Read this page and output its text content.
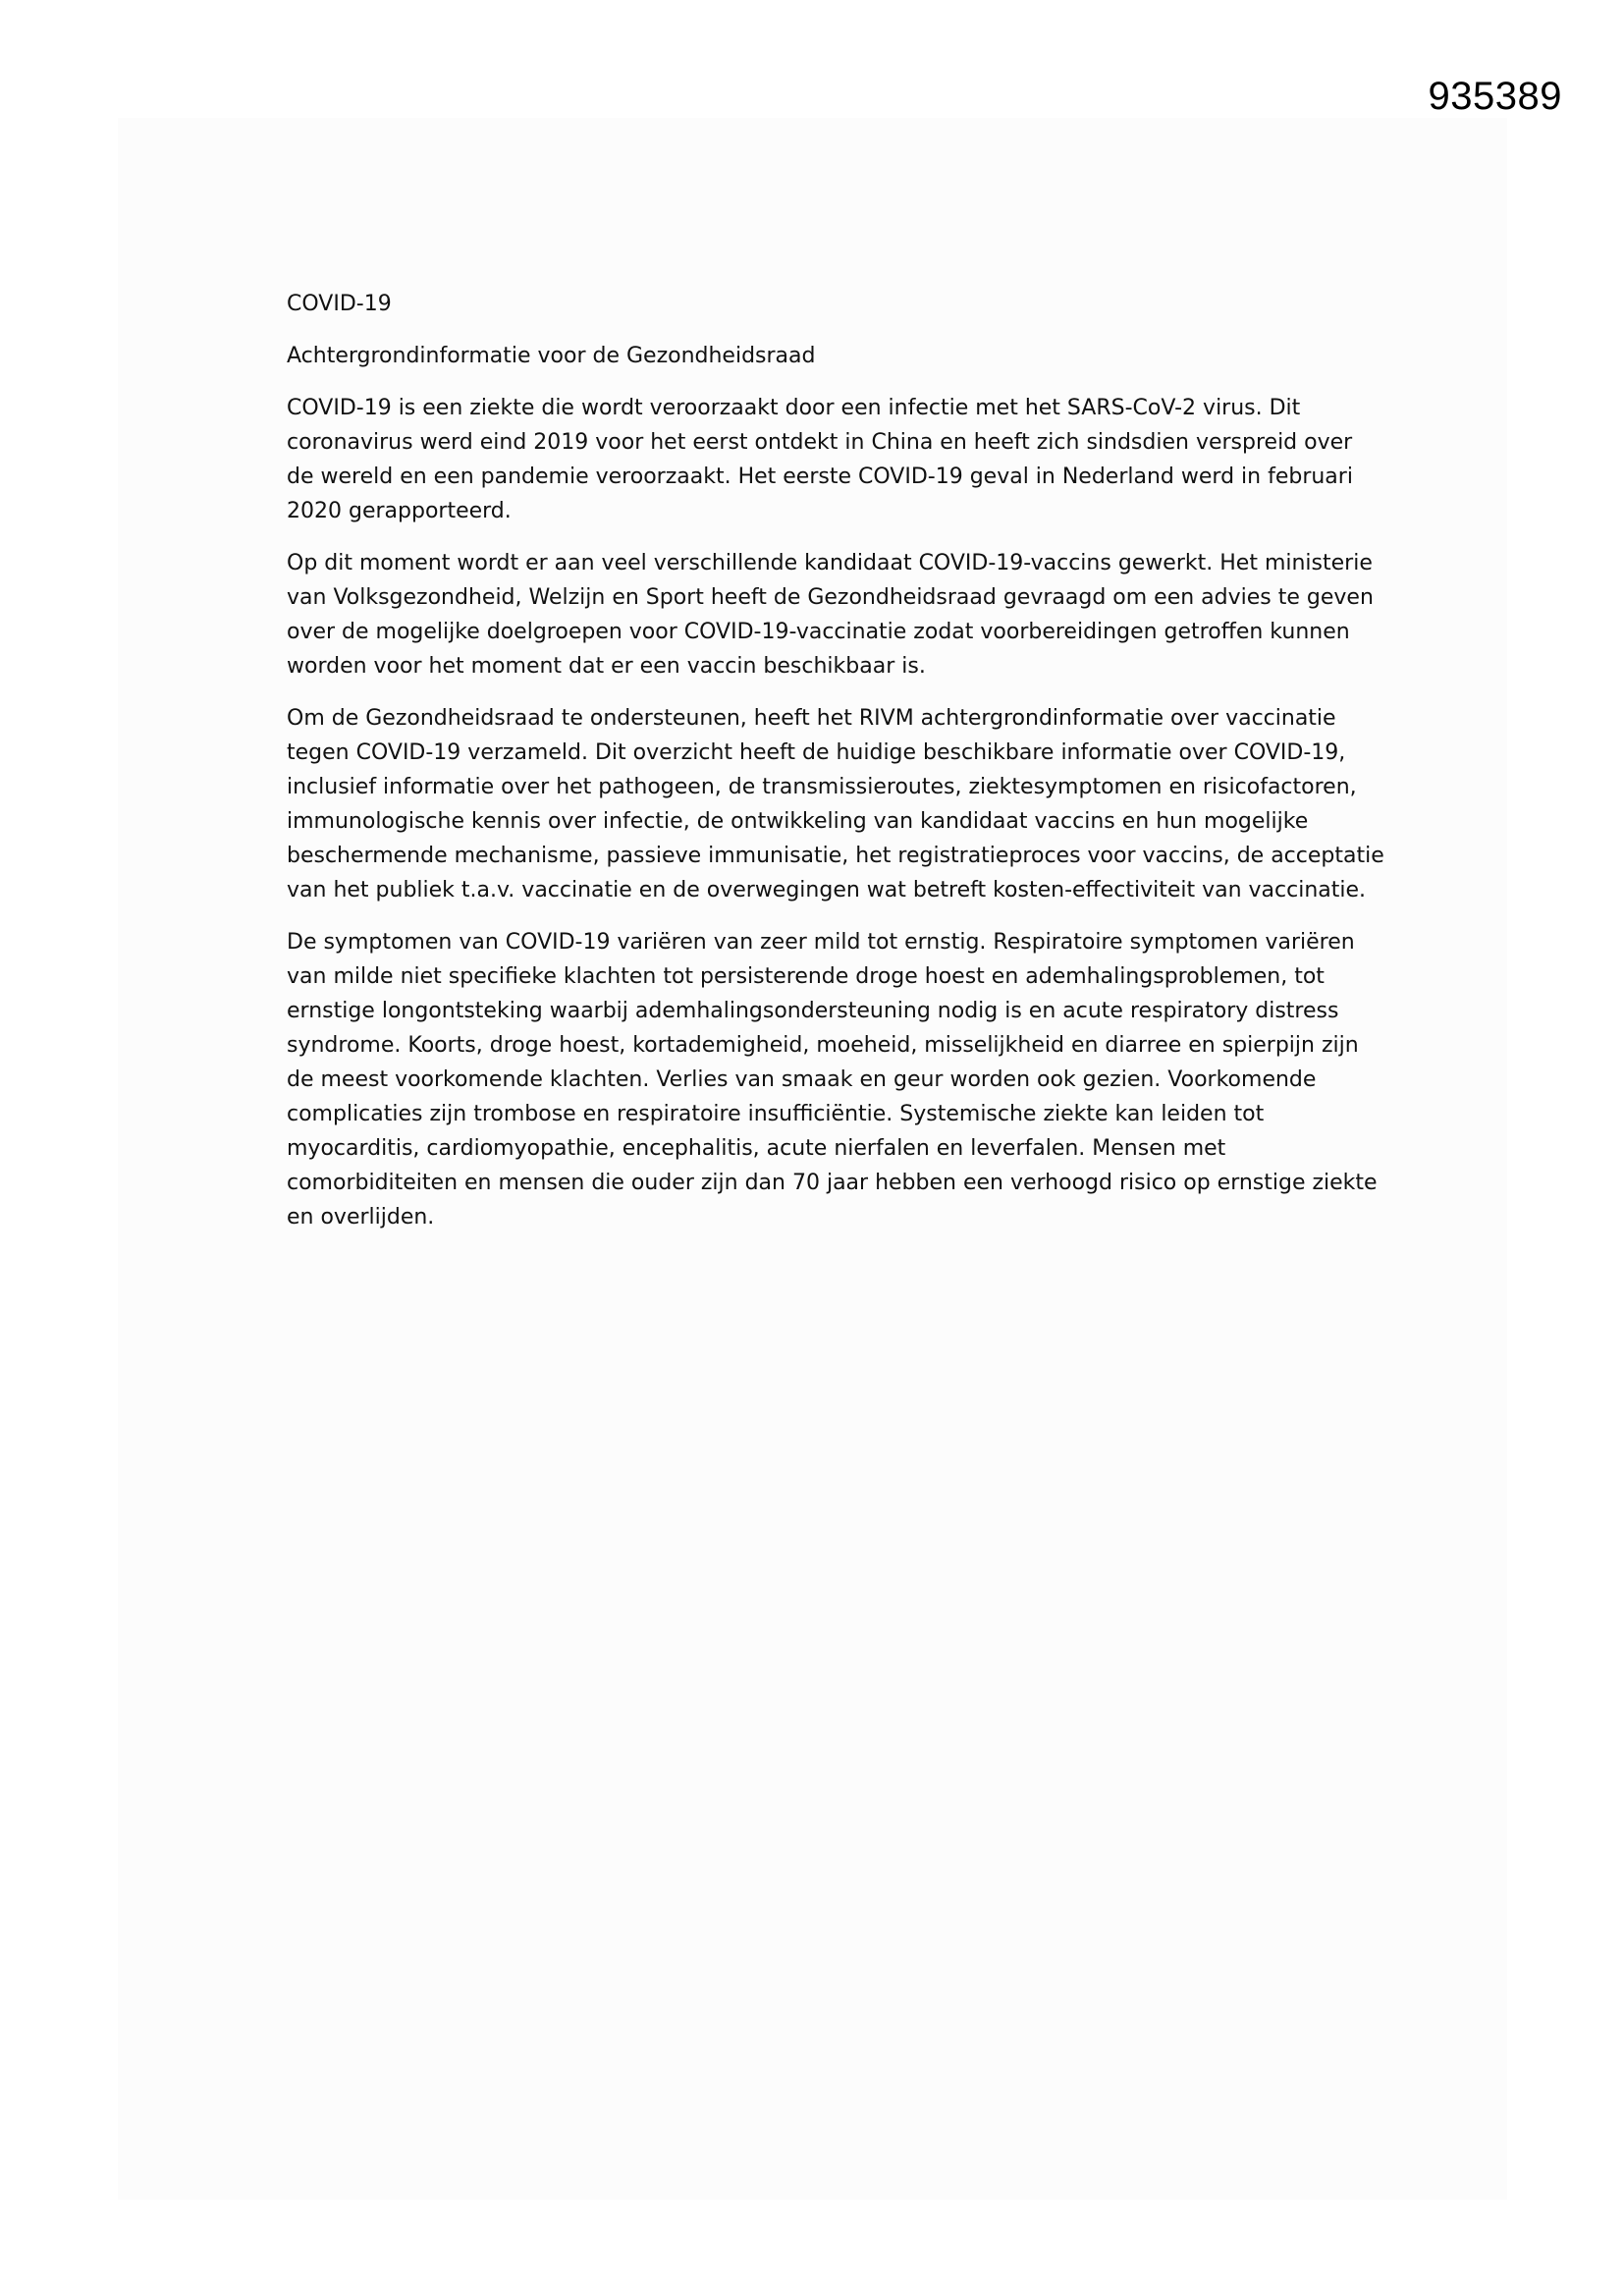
935389

COVID-19

Achtergrondinformatie voor de Gezondheidsraad

COVID-19 is een ziekte die wordt veroorzaakt door een infectie met het SARS-CoV-2 virus. Dit
coronavirus werd eind 2019 voor het eerst ontdekt in China en heeft zich sindsdien verspreid over
de wereld en een pandemie veroorzaakt. Het eerste COVID-19 geval in Nederland werd in februari
2020 gerapporteerd.

Op dit moment wordt er aan veel verschillende kandidaat COVID-19-vaccins gewerkt. Het ministerie
van Volksgezondheid, Welzijn en Sport heeft de Gezondheidsraad gevraagd om een advies te geven
over de mogelijke doelgroepen voor COVID-19-vaccinatie zodat voorbereidingen getroffen kunnen
worden voor het moment dat er een vaccin beschikbaar is.

Om de Gezondheidsraad te ondersteunen, heeft het RIVM achtergrondinformatie over vaccinatie
tegen COVID-19 verzameld. Dit overzicht heeft de huidige beschikbare informatie over COVID-19,
inclusief informatie over het pathogeen, de transmissieroutes, ziektesymptomen en risicofactoren,
immunologische kennis over infectie, de ontwikkeling van kandidaat vaccins en hun mogelijke
beschermende mechanisme, passieve immunisatie, het registratieproces voor vaccins, de acceptatie
van het publiek t.a.v. vaccinatie en de overwegingen wat betreft kosten-effectiviteit van vaccinatie.

De symptomen van COVID-19 variëren van zeer mild tot ernstig. Respiratoire symptomen variëren
van milde niet specifieke klachten tot persisterende droge hoest en ademhalingsproblemen, tot
ernstige longontsteking waarbij ademhalingsondersteuning nodig is en acute respiratory distress
syndrome. Koorts, droge hoest, kortademigheid, moeheid, misselijkheid en diarree en spierpijn zijn
de meest voorkomende klachten. Verlies van smaak en geur worden ook gezien. Voorkomende
complicaties zijn trombose en respiratoire insufficiëntie. Systemische ziekte kan leiden tot
myocarditis, cardiomyopathie, encephalitis, acute nierfalen en leverfalen. Mensen met
comorbiditeiten en mensen die ouder zijn dan 70 jaar hebben een verhoogd risico op ernstige ziekte
en overlijden.
